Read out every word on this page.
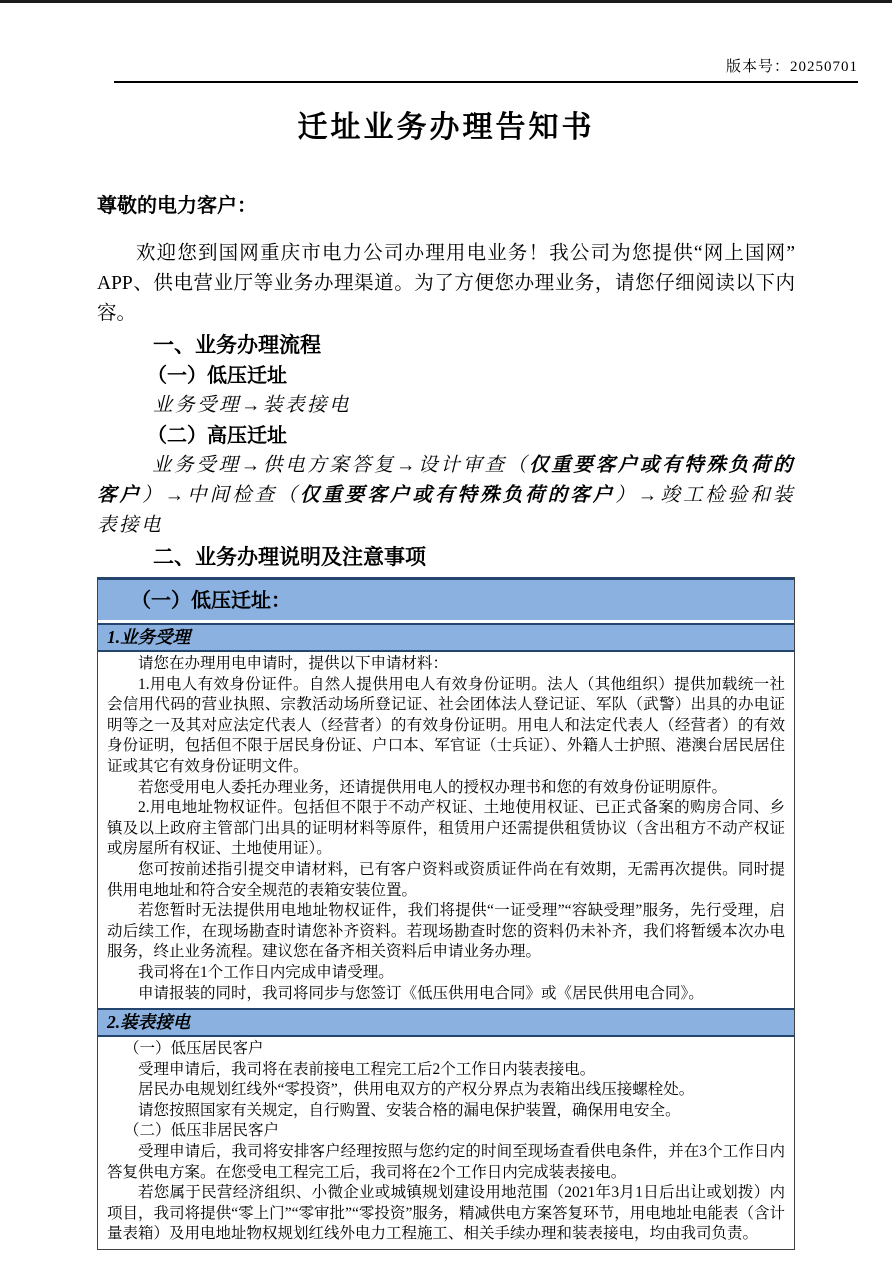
版本号：20250701
迁址业务办理告知书

尊敬的电力客户：

欢迎您到国网重庆市电力公司办理用电业务！我公司为您提供“网上国网”APP、供电营业厅等业务办理渠道。为了方便您办理业务，请您仔细阅读以下内容。

一、业务办理流程

（一）低压迁址

业务受理→装表接电

（二）高压迁址

业务受理→供电方案答复→设计审查（仅重要客户或有特殊负荷的客户）→中间检查（仅重要客户或有特殊负荷的客户）→竣工检验和装表接电

二、业务办理说明及注意事项

（一）低压迁址：
1.业务受理

请您在办理用电申请时，提供以下申请材料：

1.用电人有效身份证件。自然人提供用电人有效身份证明。法人（其他组织）提供加载统一社会信用代码的营业执照、宗教活动场所登记证、社会团体法人登记证、军队（武警）出具的办电证明等之一及其对应法定代表人（经营者）的有效身份证明。用电人和法定代表人（经营者）的有效身份证明，包括但不限于居民身份证、户口本、军官证（士兵证）、外籍人士护照、港澳台居民居住证或其它有效身份证明文件。

若您受用电人委托办理业务，还请提供用电人的授权办理书和您的有效身份证明原件。

2.用电地址物权证件。包括但不限于不动产权证、土地使用权证、已正式备案的购房合同、乡镇及以上政府主管部门出具的证明材料等原件，租赁用户还需提供租赁协议（含出租方不动产权证或房屋所有权证、土地使用证）。

您可按前述指引提交申请材料，已有客户资料或资质证件尚在有效期，无需再次提供。同时提供用电地址和符合安全规范的表箱安装位置。

若您暂时无法提供用电地址物权证件，我们将提供“一证受理”“容缺受理”服务，先行受理，启动后续工作，在现场勘查时请您补齐资料。若现场勘查时您的资料仍未补齐，我们将暂缓本次办电服务，终止业务流程。建议您在备齐相关资料后申请业务办理。

我司将在1个工作日内完成申请受理。

申请报装的同时，我司将同步与您签订《低压供用电合同》或《居民供用电合同》。

2.装表接电

（一）低压居民客户

受理申请后，我司将在表前接电工程完工后2个工作日内装表接电。

居民办电规划红线外“零投资”，供用电双方的产权分界点为表箱出线压接螺栓处。

请您按照国家有关规定，自行购置、安装合格的漏电保护装置，确保用电安全。

（二）低压非居民客户

受理申请后，我司将安排客户经理按照与您约定的时间至现场查看供电条件，并在3个工作日内答复供电方案。在您受电工程完工后，我司将在2个工作日内完成装表接电。

若您属于民营经济组织、小微企业或城镇规划建设用地范围（2021年3月1日后出让或划拨）内项目，我司将提供“零上门”“零审批”“零投资”服务，精减供电方案答复环节，用电地址电能表（含计量表箱）及用电地址物权规划红线外电力工程施工、相关手续办理和装表接电，均由我司负责。
